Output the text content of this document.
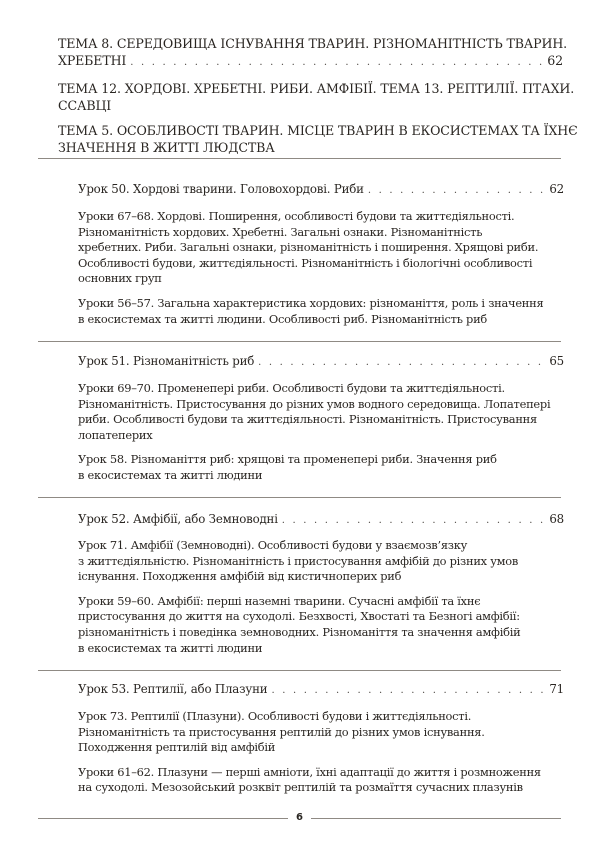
ТЕМА 8. СЕРЕДОВИЩА ІСНУВАННЯ ТВАРИН. РІЗНОМАНІТНІСТЬ ТВАРИН.
ХРЕБЕТНІ . . .	62
ТЕМА 12. ХОРДОВІ. ХРЕБЕТНІ. РИБИ. АМФІБІЇ. ТЕМА 13. РЕПТИЛІЇ. ПТАХИ.
ССАВЦІ
ТЕМА 5. ОСОБЛИВОСТІ ТВАРИН. МІСЦЕ ТВАРИН В ЕКОСИСТЕМАХ ТА ЇХНЄ
ЗНАЧЕННЯ В ЖИТТІ ЛЮДСТВА
Урок 50. Хордові тварини. Головохордові. Риби . . .	62
Уроки 67–68. Хордові. Поширення, особливості будови та життєдіяльності.
Різноманітність хордових. Хребетні. Загальні ознаки. Різноманітність
хребетних. Риби. Загальні ознаки, різноманітність і поширення. Хрящові риби.
Особливості будови, життєдіяльності. Різноманітність і біологічні особливості
основних груп
Уроки 56–57. Загальна характеристика хордових: різноманіття, роль і значення
в екосистемах та житті людини. Особливості риб. Різноманітність риб
Урок 51. Різноманітність риб . . .	65
Уроки 69–70. Променепері риби. Особливості будови та життєдіяльності.
Різноманітність. Пристосування до різних умов водного середовища. Лопатепері
риби. Особливості будови та життєдіяльності. Різноманітність. Пристосування
лопатеперих
Урок 58. Різноманіття риб: хрящові та променепері риби. Значення риб
в екосистемах та житті людини
Урок 52. Амфібії, або Земноводні . . .	68
Урок 71. Амфібії (Земноводні). Особливості будови у взаємозв’язку
з життєдіяльністю. Різноманітність і пристосування амфібій до різних умов
існування. Походження амфібій від кистичноперих риб
Уроки 59–60. Амфібії: перші наземні тварини. Сучасні амфібії та їхнє
пристосування до життя на суходолі. Безхвості, Хвостаті та Безногі амфібії:
різноманітність і поведінка земноводних. Різноманіття та значення амфібій
в екосистемах та житті людини
Урок 53. Рептилії, або Плазуни . . .	71
Урок 73. Рептилії (Плазуни). Особливості будови і життєдіяльності.
Різноманітність та пристосування рептилій до різних умов існування.
Походження рептилій від амфібій
Уроки 61–62. Плазуни — перші амніоти, їхні адаптації до життя і розмноження
на суходолі. Мезозойський розквіт рептилій та розмаїття сучасних плазунів
6
